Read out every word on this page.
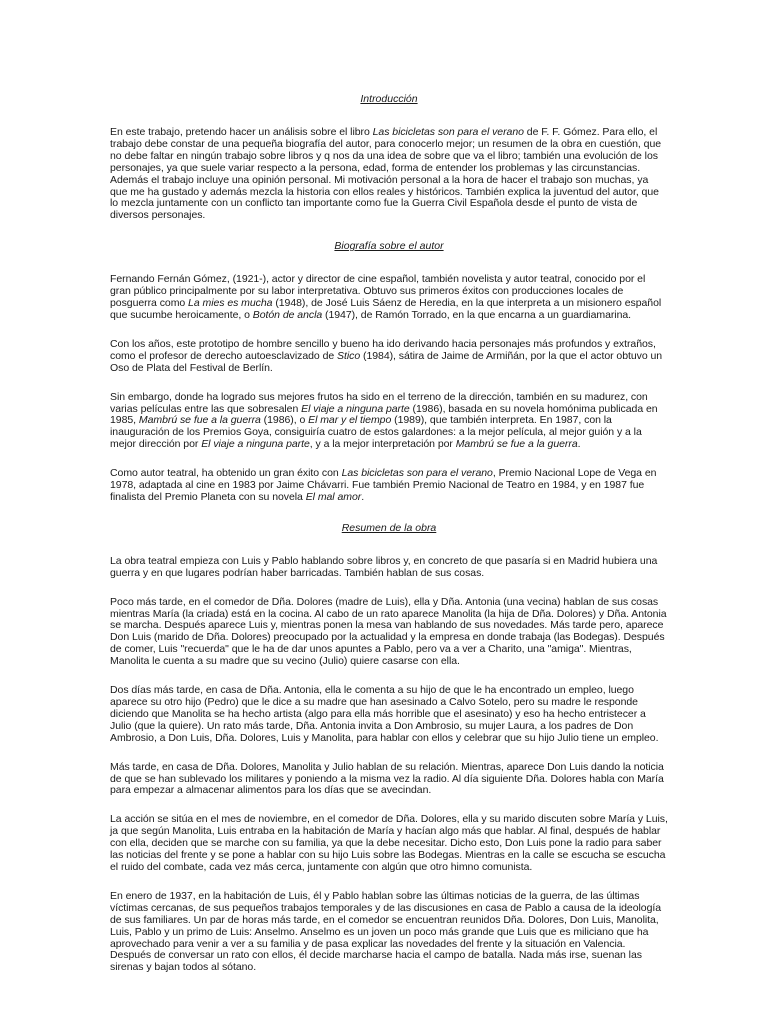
Introducción

En este trabajo, pretendo hacer un análisis sobre el libro Las bicicletas son para el verano de F. F. Gómez. Para ello, el trabajo debe constar de una pequeña biografía del autor, para conocerlo mejor; un resumen de la obra en cuestión, que no debe faltar en ningún trabajo sobre libros y q nos da una idea de sobre que va el libro; también una evolución de los personajes, ya que suele variar respecto a la persona, edad, forma de entender los problemas y las circunstancias. Además el trabajo incluye una opinión personal. Mi motivación personal a la hora de hacer el trabajo son muchas, ya que me ha gustado y además mezcla la historia con ellos reales y históricos. También explica la juventud del autor, que lo mezcla juntamente con un conflicto tan importante como fue la Guerra Civil Española desde el punto de vista de diversos personajes.

Biografía sobre el autor

Fernando Fernán Gómez, (1921-), actor y director de cine español, también novelista y autor teatral, conocido por el gran público principalmente por su labor interpretativa. Obtuvo sus primeros éxitos con producciones locales de posguerra como La mies es mucha (1948), de José Luis Sáenz de Heredia, en la que interpreta a un misionero español que sucumbe heroicamente, o Botón de ancla (1947), de Ramón Torrado, en la que encarna a un guardiamarina.

Con los años, este prototipo de hombre sencillo y bueno ha ido derivando hacia personajes más profundos y extraños, como el profesor de derecho autoesclavizado de Stico (1984), sátira de Jaime de Armiñán, por la que el actor obtuvo un Oso de Plata del Festival de Berlín.

Sin embargo, donde ha logrado sus mejores frutos ha sido en el terreno de la dirección, también en su madurez, con varias películas entre las que sobresalen El viaje a ninguna parte (1986), basada en su novela homónima publicada en 1985, Mambrú se fue a la guerra (1986), o El mar y el tiempo (1989), que también interpreta. En 1987, con la inauguración de los Premios Goya, consiguiría cuatro de estos galardones: a la mejor película, al mejor guión y a la mejor dirección por El viaje a ninguna parte, y a la mejor interpretación por Mambrú se fue a la guerra.

Como autor teatral, ha obtenido un gran éxito con Las bicicletas son para el verano, Premio Nacional Lope de Vega en 1978, adaptada al cine en 1983 por Jaime Chávarri. Fue también Premio Nacional de Teatro en 1984, y en 1987 fue finalista del Premio Planeta con su novela El mal amor.

Resumen de la obra

La obra teatral empieza con Luis y Pablo hablando sobre libros y, en concreto de que pasaría si en Madrid hubiera una guerra y en que lugares podrían haber barricadas. También hablan de sus cosas.

Poco más tarde, en el comedor de Dña. Dolores (madre de Luis), ella y Dña. Antonia (una vecina) hablan de sus cosas mientras María (la criada) está en la cocina. Al cabo de un rato aparece Manolita (la hija de Dña. Dolores) y Dña. Antonia se marcha. Después aparece Luis y, mientras ponen la mesa van hablando de sus novedades. Más tarde pero, aparece Don Luis (marido de Dña. Dolores) preocupado por la actualidad y la empresa en donde trabaja (las Bodegas). Después de comer, Luis "recuerda" que le ha de dar unos apuntes a Pablo, pero va a ver a Charito, una "amiga". Mientras, Manolita le cuenta a su madre que su vecino (Julio) quiere casarse con ella.

Dos días más tarde, en casa de Dña. Antonia, ella le comenta a su hijo de que le ha encontrado un empleo, luego aparece su otro hijo (Pedro) que le dice a su madre que han asesinado a Calvo Sotelo, pero su madre le responde diciendo que Manolita se ha hecho artista (algo para ella más horrible que el asesinato) y eso ha hecho entristecer a Julio (que la quiere). Un rato más tarde, Dña. Antonia invita a Don Ambrosio, su mujer Laura, a los padres de Don Ambrosio, a Don Luis, Dña. Dolores, Luis y Manolita, para hablar con ellos y celebrar que su hijo Julio tiene un empleo.

Más tarde, en casa de Dña. Dolores, Manolita y Julio hablan de su relación. Mientras, aparece Don Luis dando la noticia de que se han sublevado los militares y poniendo a la misma vez la radio. Al día siguiente Dña. Dolores habla con María para empezar a almacenar alimentos para los días que se avecindan.

La acción se sitúa en el mes de noviembre, en el comedor de Dña. Dolores, ella y su marido discuten sobre María y Luis, ja que según Manolita, Luis entraba en la habitación de María y hacían algo más que hablar. Al final, después de hablar con ella, deciden que se marche con su familia, ya que la debe necesitar. Dicho esto, Don Luis pone la radio para saber las noticias del frente y se pone a hablar con su hijo Luis sobre las Bodegas. Mientras en la calle se escucha se escucha el ruido del combate, cada vez más cerca, juntamente con algún que otro himno comunista.

En enero de 1937, en la habitación de Luis, él y Pablo hablan sobre las últimas noticias de la guerra, de las últimas víctimas cercanas, de sus pequeños trabajos temporales y de las discusiones en casa de Pablo a causa de la ideología de sus familiares. Un par de horas más tarde, en el comedor se encuentran reunidos Dña. Dolores, Don Luis, Manolita, Luis, Pablo y un primo de Luis: Anselmo. Anselmo es un joven un poco más grande que Luis que es miliciano que ha aprovechado para venir a ver a su familia y de pasa explicar las novedades del frente y la situación en Valencia. Después de conversar un rato con ellos, él decide marcharse hacia el campo de batalla. Nada más irse, suenan las sirenas y bajan todos al sótano.
